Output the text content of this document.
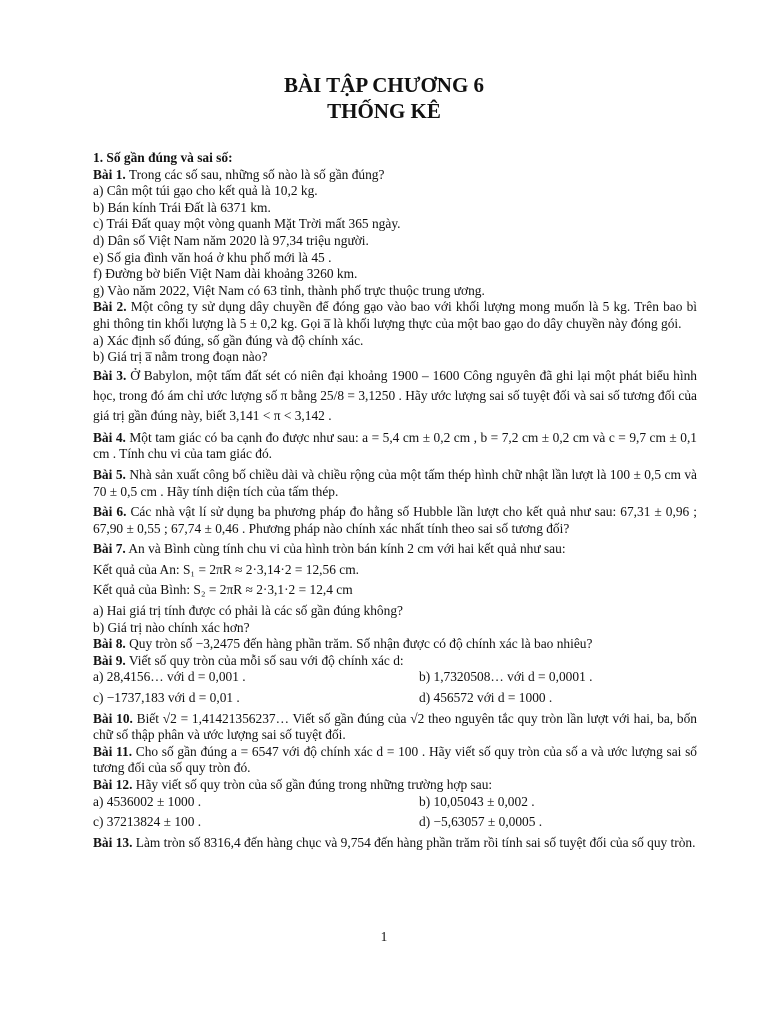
BÀI TẬP CHƯƠNG 6
THỐNG KÊ

1. Số gần đúng và sai số:

Bài 1. Trong các số sau, những số nào là số gần đúng?

a) Cân một túi gạo cho kết quả là 10,2 kg.

b) Bán kính Trái Đất là 6371 km.

c) Trái Đất quay một vòng quanh Mặt Trời mất 365 ngày.

d) Dân số Việt Nam năm 2020 là 97,34 triệu người.

e) Số gia đình văn hoá ở khu phố mới là 45 .

f) Đường bờ biển Việt Nam dài khoảng 3260 km.

g) Vào năm 2022, Việt Nam có 63 tỉnh, thành phố trực thuộc trung ương.

Bài 2. Một công ty sử dụng dây chuyền để đóng gạo vào bao với khối lượng mong muốn là 5 kg. Trên bao bì ghi thông tin khối lượng là 5 ± 0,2 kg. Gọi a̅ là khối lượng thực của một bao gạo do dây chuyền này đóng gói.

a) Xác định số đúng, số gần đúng và độ chính xác.

b) Giá trị a̅ nằm trong đoạn nào?

Bài 3. Ở Babylon, một tấm đất sét có niên đại khoảng 1900 – 1600 Công nguyên đã ghi lại một phát biểu hình học, trong đó ám chỉ ước lượng số π bằng 25/8 = 3,1250 . Hãy ước lượng sai số tuyệt đối và sai số tương đối của giá trị gần đúng này, biết 3,141 < π < 3,142 .

Bài 4. Một tam giác có ba cạnh đo được như sau: a = 5,4 cm ± 0,2 cm , b = 7,2 cm ± 0,2 cm và c = 9,7 cm ± 0,1 cm . Tính chu vi của tam giác đó.

Bài 5. Nhà sản xuất công bố chiều dài và chiều rộng của một tấm thép hình chữ nhật lần lượt là 100 ± 0,5 cm và 70 ± 0,5 cm . Hãy tính diện tích của tấm thép.

Bài 6. Các nhà vật lí sử dụng ba phương pháp đo hằng số Hubble lần lượt cho kết quả như sau: 67,31 ± 0,96 ; 67,90 ± 0,55 ; 67,74 ± 0,46 . Phương pháp nào chính xác nhất tính theo sai số tương đối?

Bài 7. An và Bình cùng tính chu vi của hình tròn bán kính 2 cm với hai kết quả như sau:

Kết quả của An: S₁ = 2πR ≈ 2·3,14·2 = 12,56 cm.

Kết quả của Bình: S₂ = 2πR ≈ 2·3,1·2 = 12,4 cm

a) Hai giá trị tính được có phải là các số gần đúng không?

b) Giá trị nào chính xác hơn?

Bài 8. Quy tròn số −3,2475 đến hàng phần trăm. Số nhận được có độ chính xác là bao nhiêu?

Bài 9. Viết số quy tròn của mỗi số sau với độ chính xác d:

a) 28,4156… với d = 0,001 .	b) 1,7320508… với d = 0,0001 .
c) −1737,183 với d = 0,01 .	d) 456572 với d = 1000 .

Bài 10. Biết √2 = 1,41421356237… Viết số gần đúng của √2 theo nguyên tắc quy tròn lần lượt với hai, ba, bốn chữ số thập phân và ước lượng sai số tuyệt đối.

Bài 11. Cho số gần đúng a = 6547 với độ chính xác d = 100 . Hãy viết số quy tròn của số a và ước lượng sai số tương đối của số quy tròn đó.

Bài 12. Hãy viết số quy tròn của số gần đúng trong những trường hợp sau:

a) 4536002 ± 1000 .	b) 10,05043 ± 0,002 .
c) 37213824 ± 100 .	d) −5,63057 ± 0,0005 .

Bài 13. Làm tròn số 8316,4 đến hàng chục và 9,754 đến hàng phần trăm rồi tính sai số tuyệt đối của số quy tròn.

1
